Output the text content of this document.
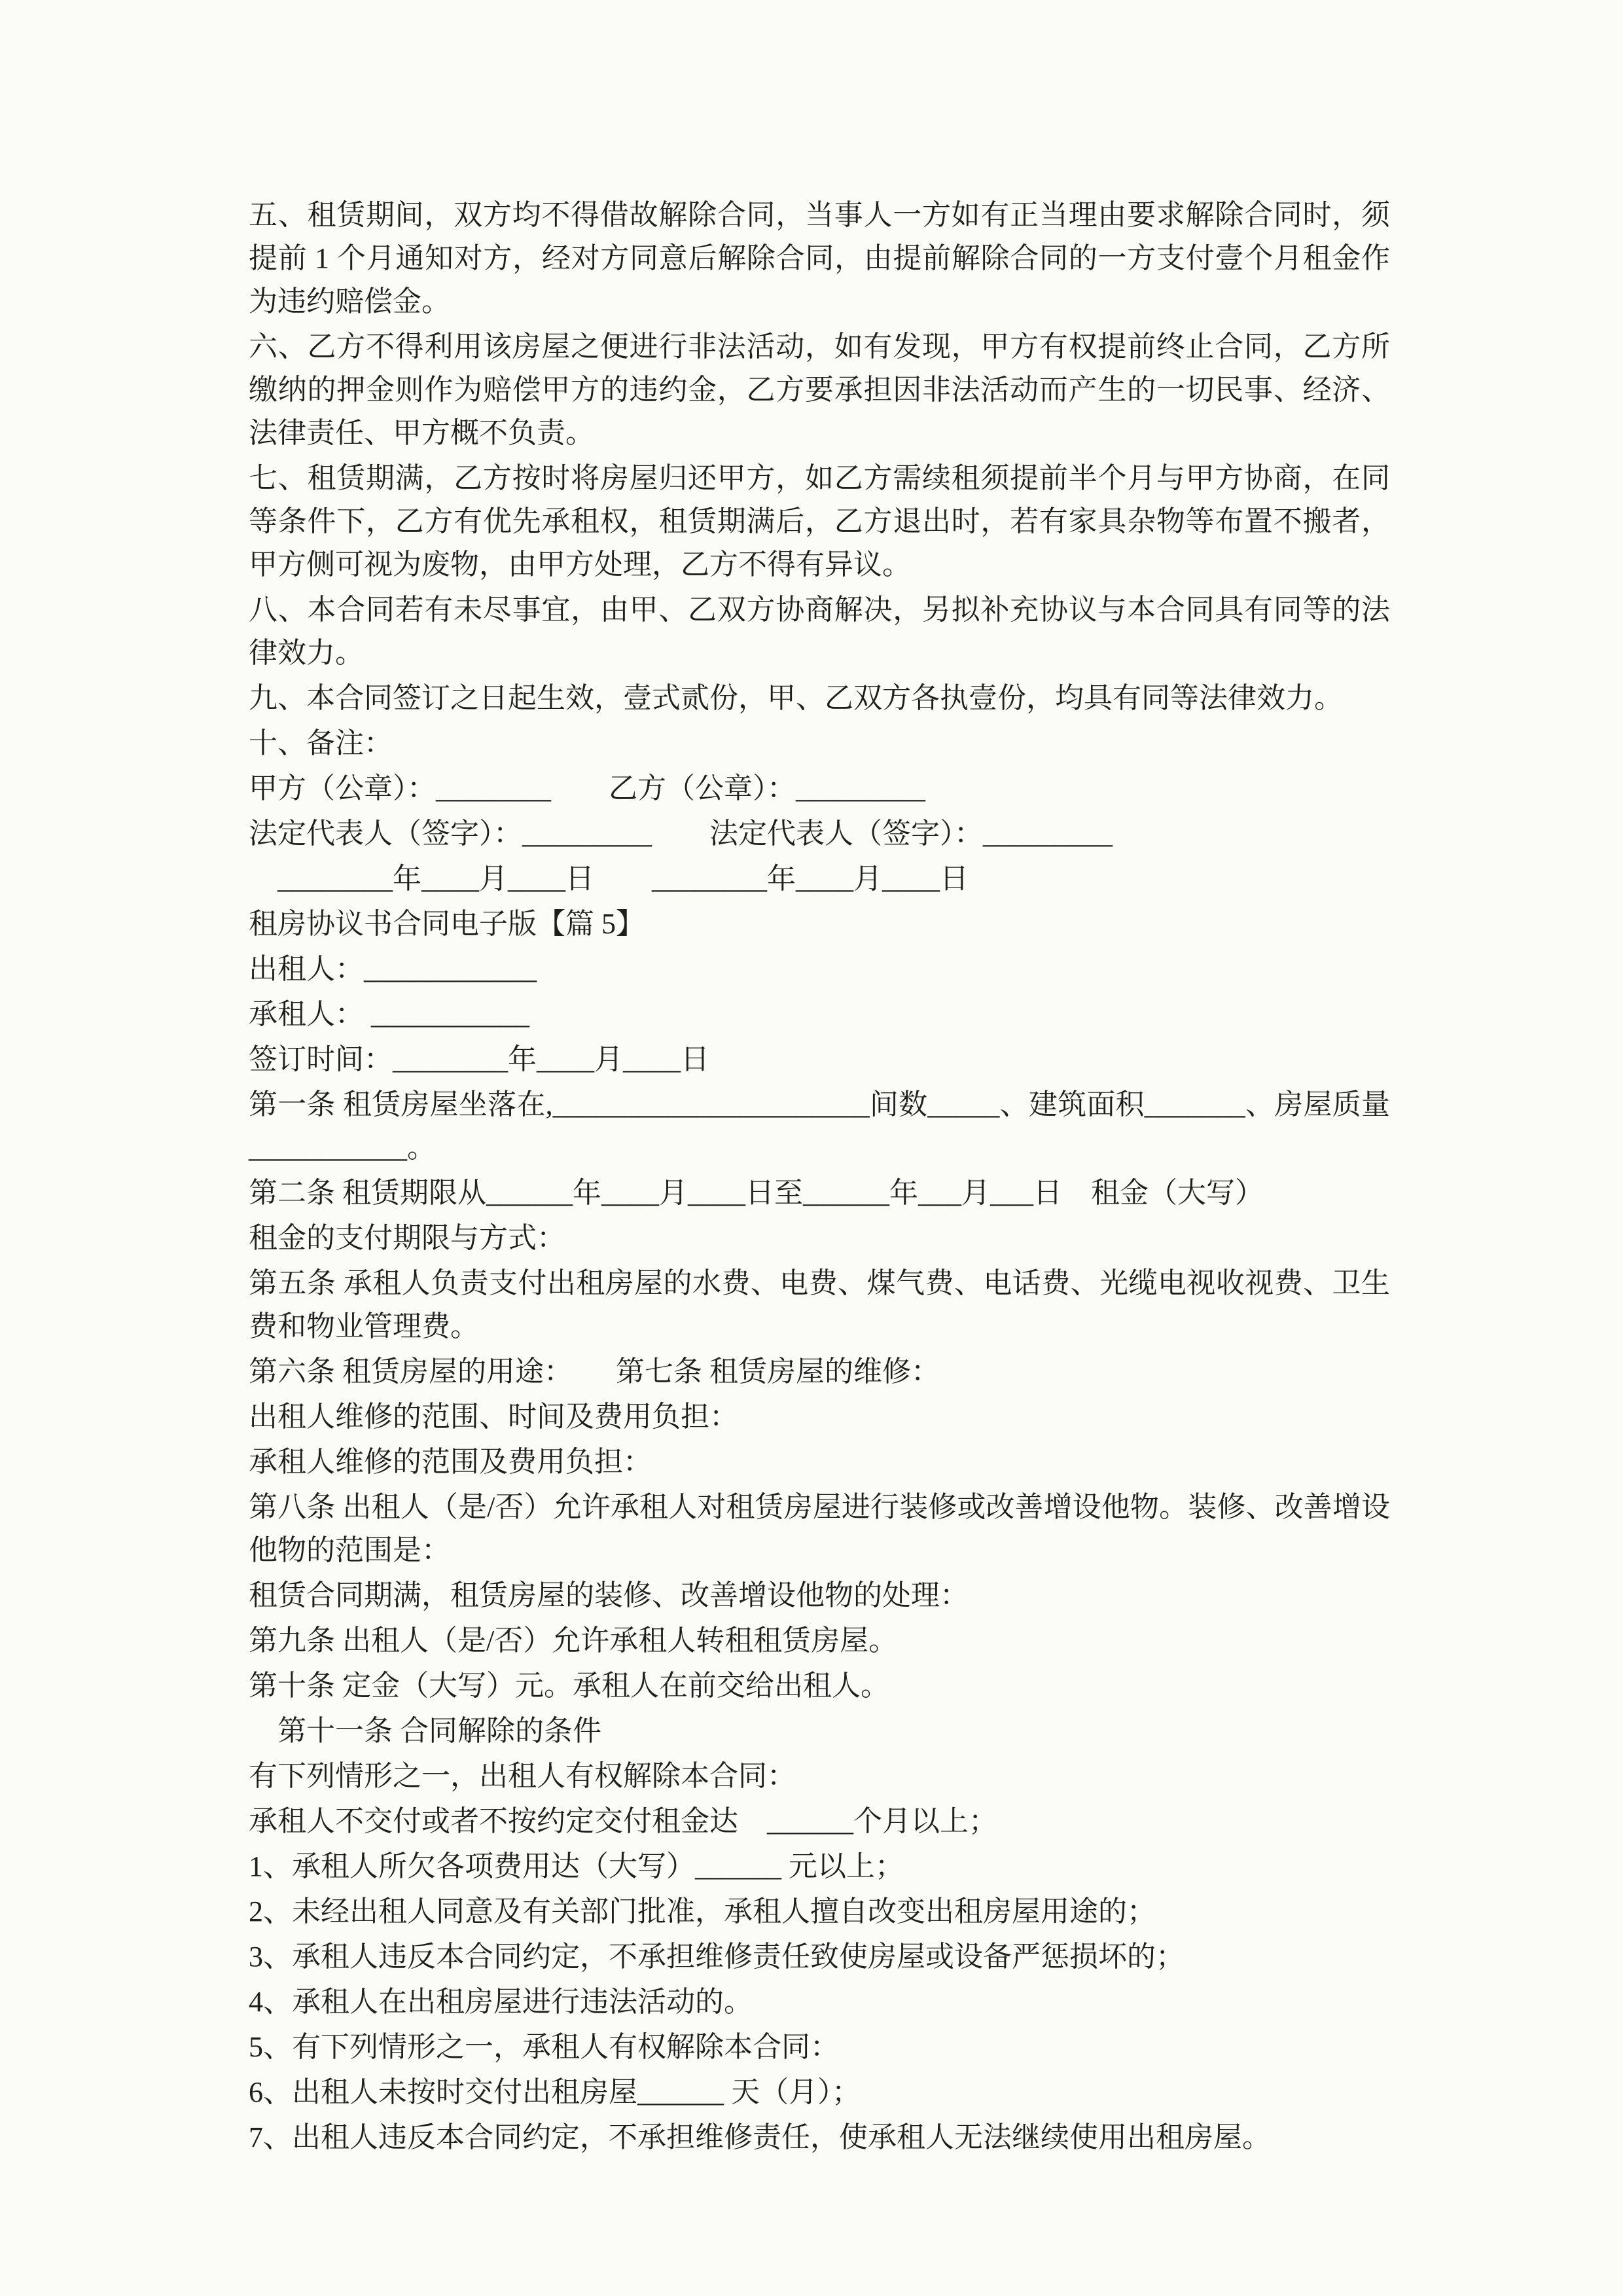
五、租赁期间，双方均不得借故解除合同，当事人一方如有正当理由要求解除合同时，须提前 1 个月通知对方，经对方同意后解除合同，由提前解除合同的一方支付壹个月租金作为违约赔偿金。

六、乙方不得利用该房屋之便进行非法活动，如有发现，甲方有权提前终止合同，乙方所缴纳的押金则作为赔偿甲方的违约金，乙方要承担因非法活动而产生的一切民事、经济、法律责任、甲方概不负责。

七、租赁期满，乙方按时将房屋归还甲方，如乙方需续租须提前半个月与甲方协商，在同等条件下，乙方有优先承租权，租赁期满后，乙方退出时，若有家具杂物等布置不搬者，甲方侧可视为废物，由甲方处理，乙方不得有异议。

八、本合同若有未尽事宜，由甲、乙双方协商解决，另拟补充协议与本合同具有同等的法律效力。

九、本合同签订之日起生效，壹式贰份，甲、乙双方各执壹份，均具有同等法律效力。

十、备注：

甲方（公章）：________　　乙方（公章）：_________

法定代表人（签字）：_________　　法定代表人（签字）：_________

　________年____月____日　　________年____月____日

租房协议书合同电子版【篇 5】

出租人：____________

承租人： ___________

签订时间：________年____月____日

第一条 租赁房屋坐落在,______________________间数_____、建筑面积_______、房屋质量___________。

第二条 租赁期限从______年____月____日至______年___月___日　租金（大写）

租金的支付期限与方式：

第五条 承租人负责支付出租房屋的水费、电费、煤气费、电话费、光缆电视收视费、卫生费和物业管理费。

第六条 租赁房屋的用途：　　第七条 租赁房屋的维修：

出租人维修的范围、时间及费用负担：

承租人维修的范围及费用负担：

第八条 出租人（是/否）允许承租人对租赁房屋进行装修或改善增设他物。装修、改善增设他物的范围是：

租赁合同期满，租赁房屋的装修、改善增设他物的处理：

第九条 出租人（是/否）允许承租人转租租赁房屋。

第十条 定金（大写）元。承租人在前交给出租人。

　第十一条 合同解除的条件

有下列情形之一，出租人有权解除本合同：

承租人不交付或者不按约定交付租金达　______个月以上；

1、承租人所欠各项费用达（大写）______ 元以上；

2、未经出租人同意及有关部门批准，承租人擅自改变出租房屋用途的；

3、承租人违反本合同约定，不承担维修责任致使房屋或设备严惩损坏的；

4、承租人在出租房屋进行违法活动的。

5、有下列情形之一，承租人有权解除本合同：

6、出租人未按时交付出租房屋______ 天（月）；

7、出租人违反本合同约定，不承担维修责任，使承租人无法继续使用出租房屋。
